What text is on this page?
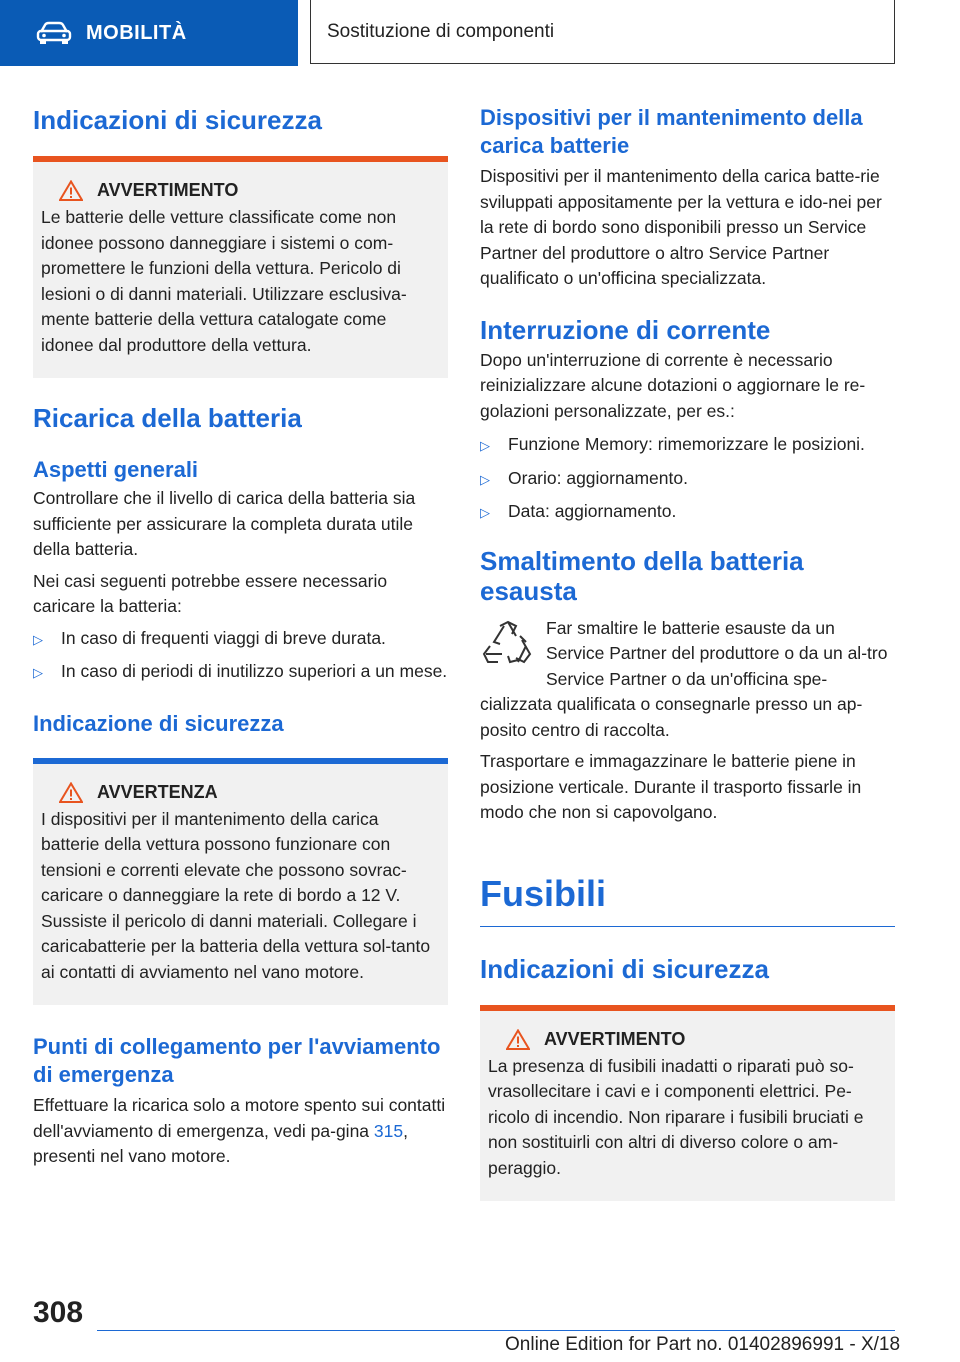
MOBILITÀ	Sostituzione di componenti
Indicazioni di sicurezza
AVVERTIMENTO

Le batterie delle vetture classificate come non idonee possono danneggiare i sistemi o com-promettere le funzioni della vettura. Pericolo di lesioni o di danni materiali. Utilizzare esclusiva-mente batterie della vettura catalogate come idonee dal produttore della vettura.

Ricarica della batteria
Aspetti generali

Controllare che il livello di carica della batteria sia sufficiente per assicurare la completa durata utile della batteria.

Nei casi seguenti potrebbe essere necessario caricare la batteria:

▷	In caso di frequenti viaggi di breve durata.
▷	In caso di periodi di inutilizzo superiori a un mese.
Indicazione di sicurezza
AVVERTENZA

I dispositivi per il mantenimento della carica batterie della vettura possono funzionare con tensioni e correnti elevate che possono sovrac-caricare o danneggiare la rete di bordo a 12 V. Sussiste il pericolo di danni materiali. Collegare i caricabatterie per la batteria della vettura sol-tanto ai contatti di avviamento nel vano motore.

Punti di collegamento per l'avviamento di emergenza

Effettuare la ricarica solo a motore spento sui contatti dell'avviamento di emergenza, vedi pa-gina 315, presenti nel vano motore.

Dispositivi per il mantenimento della carica batterie

Dispositivi per il mantenimento della carica batte-rie sviluppati appositamente per la vettura e ido-nei per la rete di bordo sono disponibili presso un Service Partner del produttore o altro Service Partner qualificato o un'officina specializzata.

Interruzione di corrente

Dopo un'interruzione di corrente è necessario reinizializzare alcune dotazioni o aggiornare le re-golazioni personalizzate, per es.:

▷	Funzione Memory: rimemorizzare le posizioni.
▷	Orario: aggiornamento.
▷	Data: aggiornamento.
Smaltimento della batteria esausta

Far smaltire le batterie esauste da un Service Partner del produttore o da un al-tro Service Partner o da un'officina spe-cializzata qualificata o consegnarle presso un ap-posito centro di raccolta.

Trasportare e immagazzinare le batterie piene in posizione verticale. Durante il trasporto fissarle in modo che non si capovolgano.

Fusibili
Indicazioni di sicurezza
AVVERTIMENTO

La presenza di fusibili inadatti o riparati può so-vrasollecitare i cavi e i componenti elettrici. Pe-ricolo di incendio. Non riparare i fusibili bruciati e non sostituirli con altri di diverso colore o am-peraggio.

308
Online Edition for Part no. 01402896991 - X/18
